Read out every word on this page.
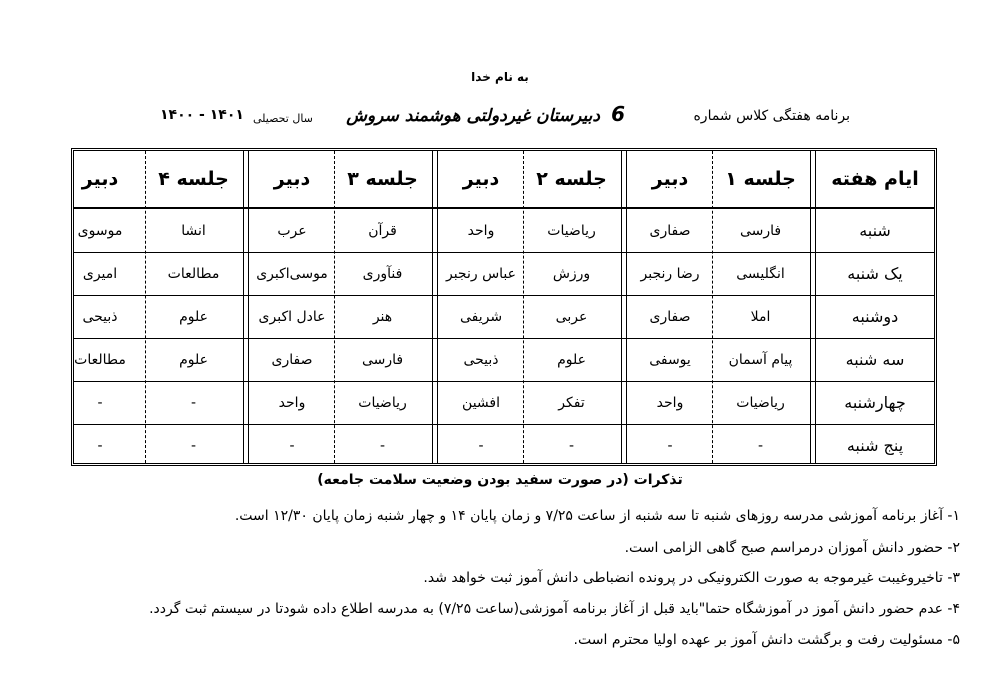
به نام خدا
برنامه هفتگی کلاس شماره
6
دبیرستان غیردولتی هوشمند سروش
سال تحصیلی
۱۴۰۰ - ۱۴۰۱
ایام هفته
جلسه ۱
دبیر
جلسه ۲
دبیر
جلسه ۳
دبیر
جلسه ۴
دبیر
شنبه
فارسی
صفاری
ریاضیات
واحد
قرآن
عرب
انشا
موسوی
یک شنبه
انگلیسی
رضا رنجبر
ورزش
عباس رنجبر
فنآوری
موسی‌اکبری
مطالعات
امیری
دوشنبه
املا
صفاری
عربی
شریفی
هنر
عادل اکبری
علوم
ذبیحی
سه شنبه
پیام آسمان
یوسفی
علوم
ذبیحی
فارسی
صفاری
علوم
مطالعات
چهارشنبه
ریاضیات
واحد
تفکر
افشین
ریاضیات
واحد
-
-
پنج شنبه
-
-
-
-
-
-
-
-
تذکرات (در صورت سفید بودن وضعیت سلامت جامعه)
۱- آغاز برنامه آموزشی مدرسه روزهای شنبه تا سه شنبه از ساعت ۷/۲۵ و زمان پایان ۱۴ و چهار شنبه زمان پایان ۱۲/۳۰ است.
۲- حضور دانش آموزان درمراسم صبح گاهی الزامی است.
۳- تاخیروغیبت غیرموجه به صورت الکترونیکی در پرونده انضباطی دانش آموز ثبت خواهد شد.
۴- عدم حضور دانش آموز در آموزشگاه حتما"باید قبل از آغاز برنامه آموزشی(ساعت ۷/۲۵) به مدرسه اطلاع داده شودتا در سیستم ثبت گردد.
۵- مسئولیت رفت و برگشت دانش آموز بر عهده اولیا محترم است.
